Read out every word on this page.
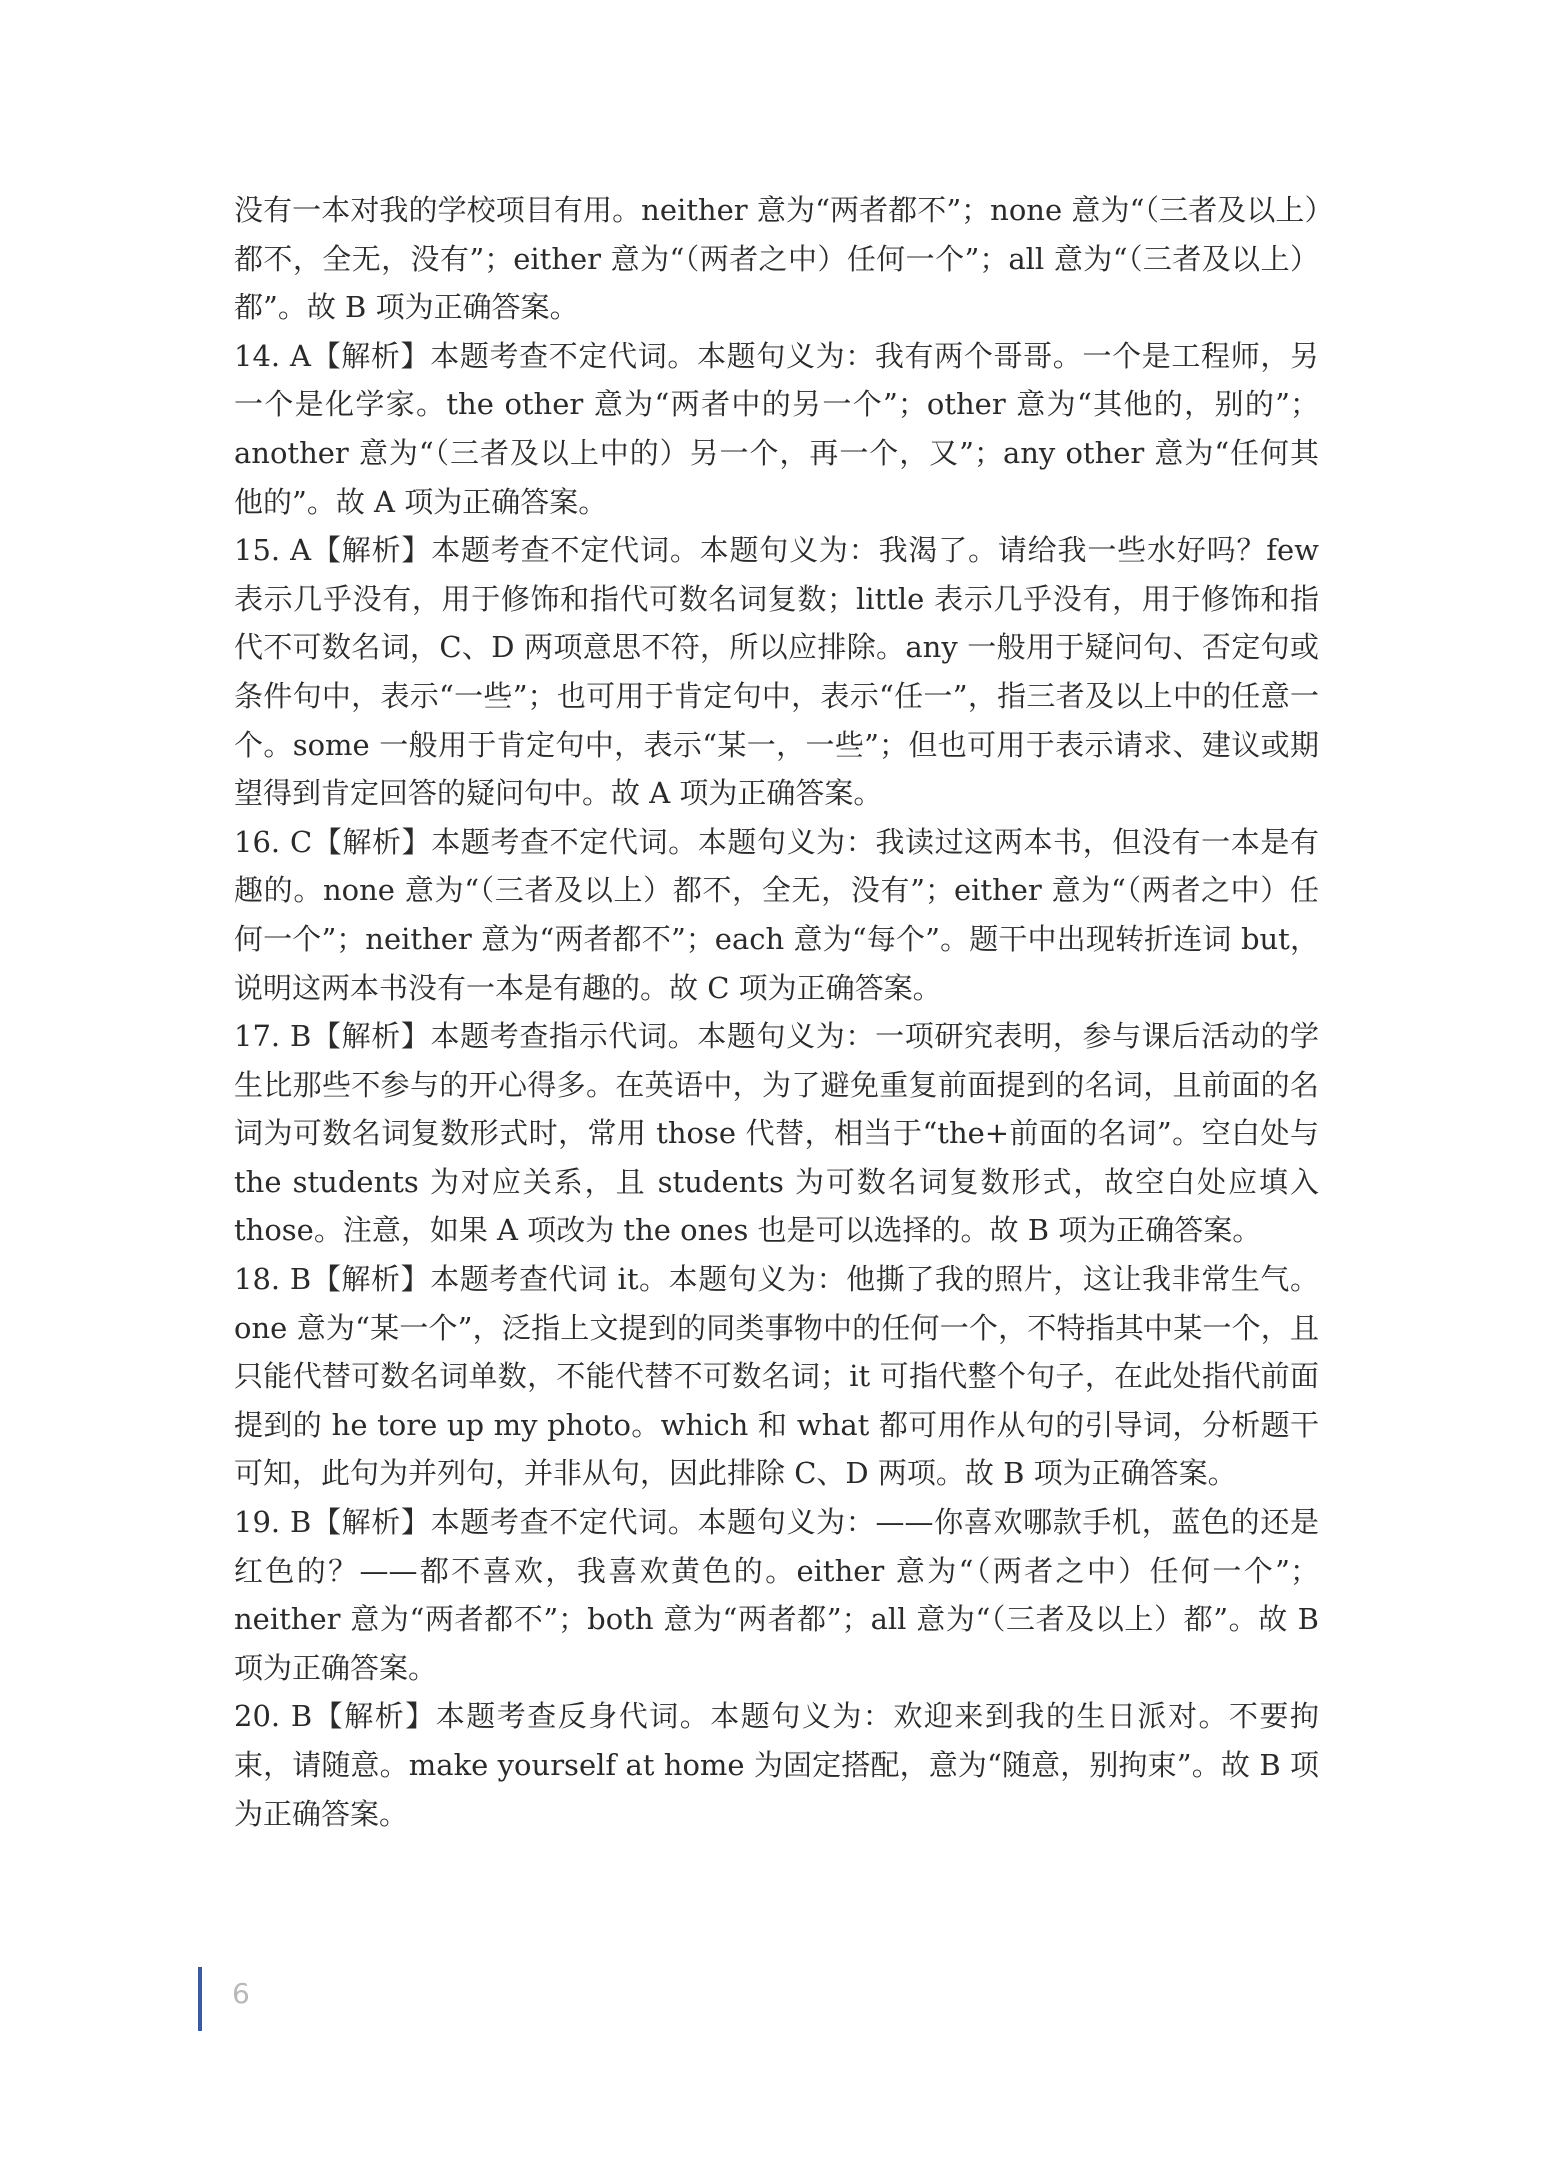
没有一本对我的学校项目有用。neither 意为“两者都不”；none 意为“（三者及以上）都不，全无，没有”；either 意为“（两者之中）任何一个”；all 意为“（三者及以上）都”。故 B 项为正确答案。

14. A【解析】本题考查不定代词。本题句义为：我有两个哥哥。一个是工程师，另一个是化学家。the other 意为“两者中的另一个”；other 意为“其他的，别的”；another 意为“（三者及以上中的）另一个，再一个，又”；any other 意为“任何其他的”。故 A 项为正确答案。

15. A【解析】本题考查不定代词。本题句义为：我渴了。请给我一些水好吗？few 表示几乎没有，用于修饰和指代可数名词复数；little 表示几乎没有，用于修饰和指代不可数名词，C、D 两项意思不符，所以应排除。any 一般用于疑问句、否定句或条件句中，表示“一些”；也可用于肯定句中，表示“任一”，指三者及以上中的任意一个。some 一般用于肯定句中，表示“某一，一些”；但也可用于表示请求、建议或期望得到肯定回答的疑问句中。故 A 项为正确答案。

16. C【解析】本题考查不定代词。本题句义为：我读过这两本书，但没有一本是有趣的。none 意为“（三者及以上）都不，全无，没有”；either 意为“（两者之中）任何一个”；neither 意为“两者都不”；each 意为“每个”。题干中出现转折连词 but，说明这两本书没有一本是有趣的。故 C 项为正确答案。

17. B【解析】本题考查指示代词。本题句义为：一项研究表明，参与课后活动的学生比那些不参与的开心得多。在英语中，为了避免重复前面提到的名词，且前面的名词为可数名词复数形式时，常用 those 代替，相当于“the+前面的名词”。空白处与 the students 为对应关系，且 students 为可数名词复数形式，故空白处应填入 those。注意，如果 A 项改为 the ones 也是可以选择的。故 B 项为正确答案。

18. B【解析】本题考查代词 it。本题句义为：他撕了我的照片，这让我非常生气。one 意为“某一个”，泛指上文提到的同类事物中的任何一个，不特指其中某一个，且只能代替可数名词单数，不能代替不可数名词；it 可指代整个句子，在此处指代前面提到的 he tore up my photo。which 和 what 都可用作从句的引导词，分析题干可知，此句为并列句，并非从句，因此排除 C、D 两项。故 B 项为正确答案。

19. B【解析】本题考查不定代词。本题句义为：——你喜欢哪款手机，蓝色的还是红色的？——都不喜欢，我喜欢黄色的。either 意为“（两者之中）任何一个”；neither 意为“两者都不”；both 意为“两者都”；all 意为“（三者及以上）都”。故 B 项为正确答案。

20. B【解析】本题考查反身代词。本题句义为：欢迎来到我的生日派对。不要拘束，请随意。make yourself at home 为固定搭配，意为“随意，别拘束”。故 B 项为正确答案。

6
